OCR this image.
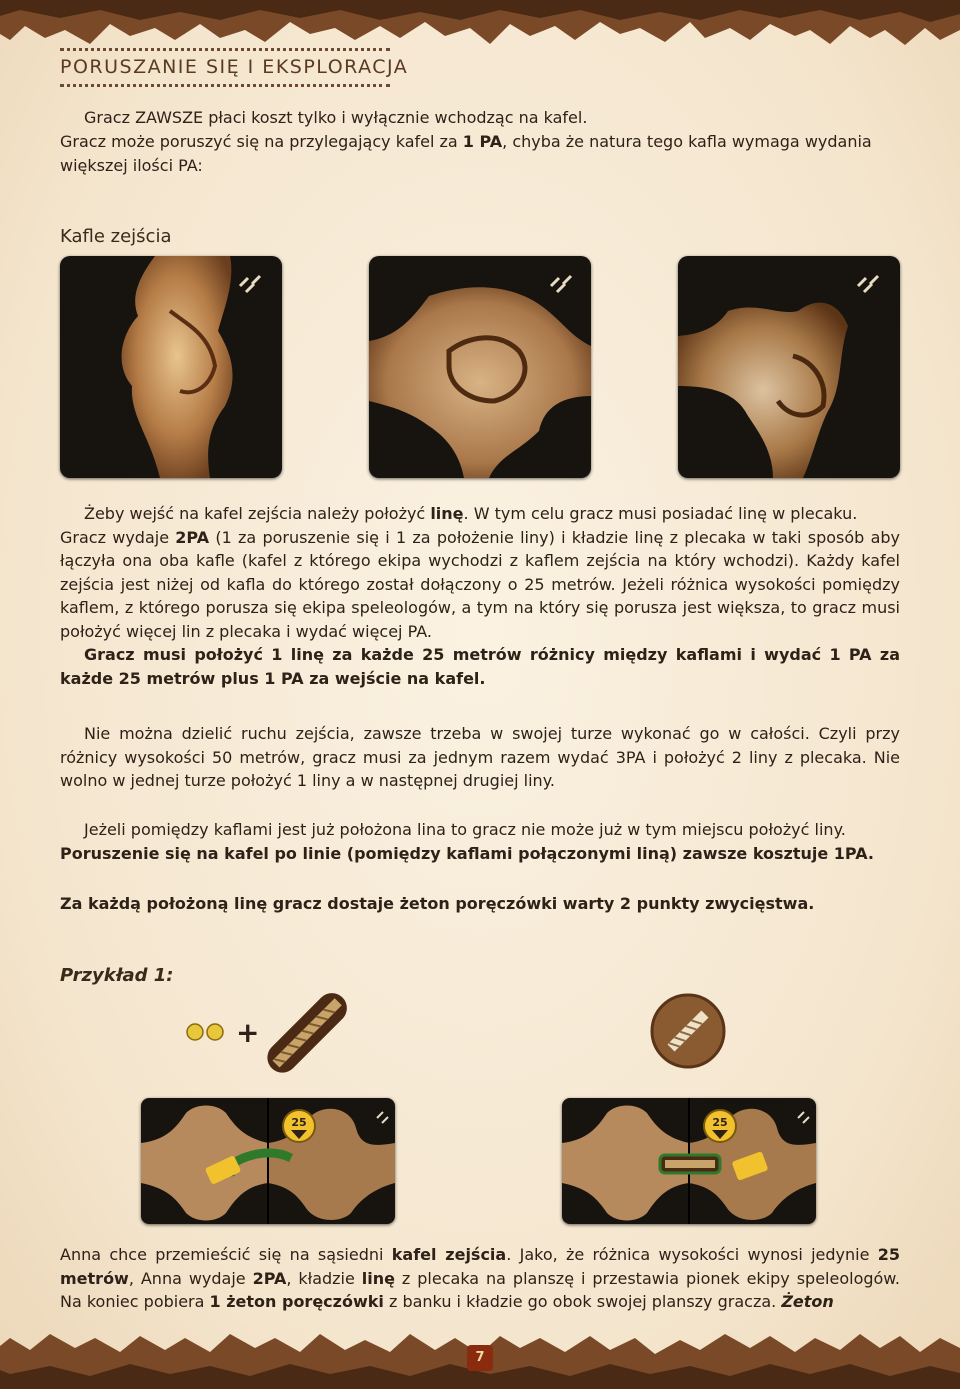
PORUSZANIE SIĘ I EKSPLORACJA

Gracz ZAWSZE płaci koszt tylko i wyłącznie wchodząc na kafel.

Gracz może poruszyć się na przylegający kafel za 1 PA, chyba że natura tego kafla wymaga wydania większej ilości PA:

Kafle zejścia

Żeby wejść na kafel zejścia należy położyć linę. W tym celu gracz musi posiadać linę w plecaku.
Gracz wydaje 2PA (1 za poruszenie się i 1 za położenie liny) i kładzie linę z plecaka w taki sposób aby łączyła ona oba kafle (kafel z którego ekipa wychodzi z kaflem zejścia na który wchodzi). Każdy kafel zejścia jest niżej od kafla do którego został dołączony o 25 metrów. Jeżeli różnica wysokości pomiędzy kaflem, z którego porusza się ekipa speleologów, a tym na który się porusza jest większa, to gracz musi położyć więcej lin z plecaka i wydać więcej PA.
Gracz musi położyć 1 linę za każde 25 metrów różnicy między kaflami i wydać 1 PA za każde 25 metrów plus 1 PA za wejście na kafel.

Nie można dzielić ruchu zejścia, zawsze trzeba w swojej turze wykonać go w całości. Czyli przy różnicy wysokości 50 metrów, gracz musi za jednym razem wydać 3PA i położyć 2 liny z plecaka. Nie wolno w jednej turze położyć 1 liny a w następnej drugiej liny.

Jeżeli pomiędzy kaflami jest już położona lina to gracz nie może już w tym miejscu położyć liny.
Poruszenie się na kafel po linie (pomiędzy kaflami połączonymi liną) zawsze kosztuje 1PA.

Za każdą położoną linę gracz dostaje żeton poręczówki warty 2 punkty zwycięstwa.

Przykład 1:
+
25	25

Anna chce przemieścić się na sąsiedni kafel zejścia. Jako, że różnica wysokości wynosi jedynie 25 metrów, Anna wydaje 2PA, kładzie linę z plecaka na planszę i przestawia pionek ekipy speleologów. Na koniec pobiera 1 żeton poręczówki z banku i kładzie go obok swojej planszy gracza. Żeton

7
